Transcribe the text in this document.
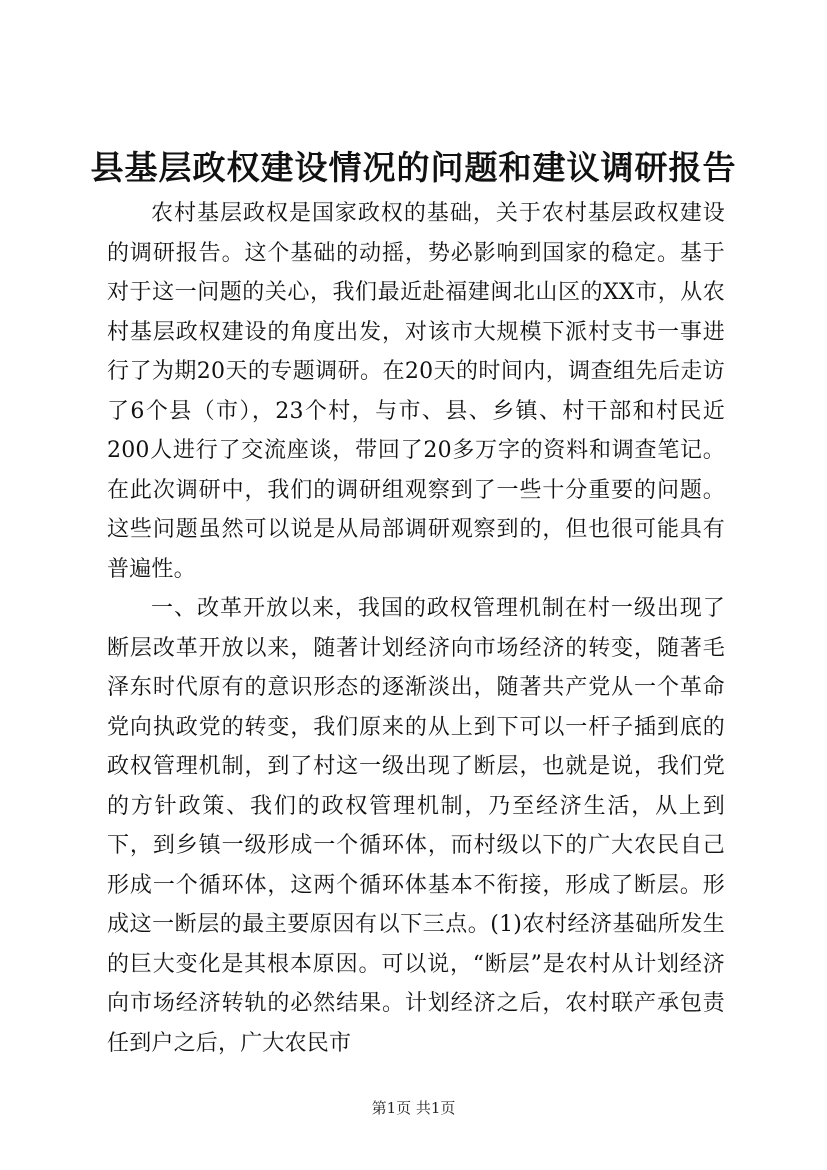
县基层政权建设情况的问题和建议调研报告

农村基层政权是国家政权的基础，关于农村基层政权建设的调研报告。这个基础的动摇，势必影响到国家的稳定。基于对于这一问题的关心，我们最近赴福建闽北山区的XX市，从农村基层政权建设的角度出发，对该市大规模下派村支书一事进行了为期20天的专题调研。在20天的时间内，调查组先后走访了6个县（市），23个村，与市、县、乡镇、村干部和村民近200人进行了交流座谈，带回了20多万字的资料和调查笔记。在此次调研中，我们的调研组观察到了一些十分重要的问题。这些问题虽然可以说是从局部调研观察到的，但也很可能具有普遍性。

一、改革开放以来，我国的政权管理机制在村一级出现了断层改革开放以来，随著计划经济向市场经济的转变，随著毛泽东时代原有的意识形态的逐渐淡出，随著共产党从一个革命党向执政党的转变，我们原来的从上到下可以一杆子插到底的政权管理机制，到了村这一级出现了断层，也就是说，我们党的方针政策、我们的政权管理机制，乃至经济生活，从上到下，到乡镇一级形成一个循环体，而村级以下的广大农民自己形成一个循环体，这两个循环体基本不衔接，形成了断层。形成这一断层的最主要原因有以下三点。(1)农村经济基础所发生的巨大变化是其根本原因。可以说，“断层”是农村从计划经济向市场经济转轨的必然结果。计划经济之后，农村联产承包责任到户之后，广大农民市

第1页 共1页
